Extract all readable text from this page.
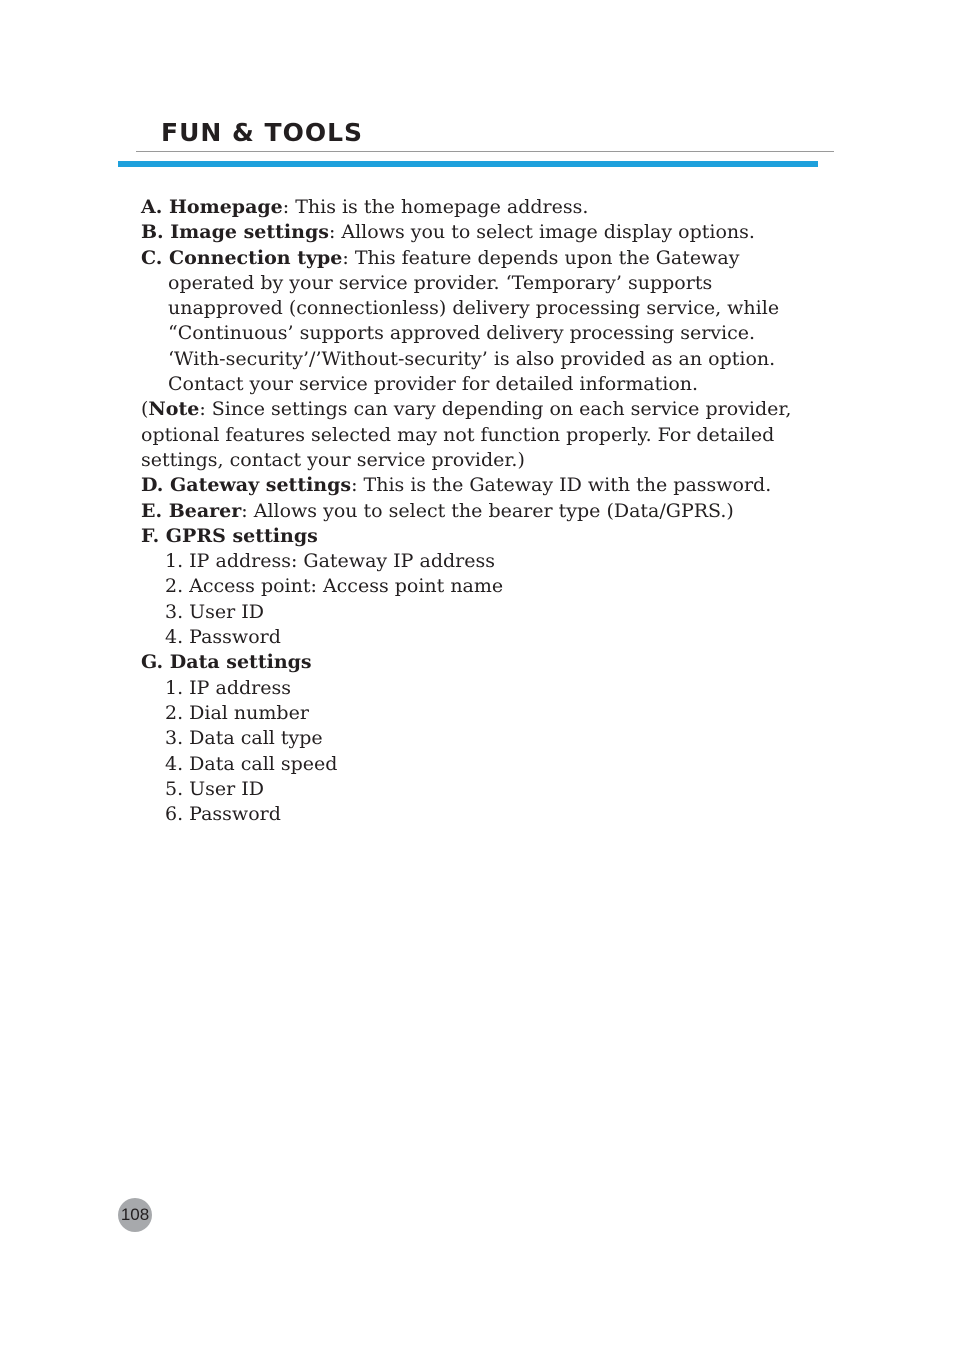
FUN & TOOLS

A. Homepage: This is the homepage address.

B. Image settings: Allows you to select image display options.

C. Connection type: This feature depends upon the Gateway operated by your service provider. ‘Temporary’ supports unapproved (connectionless) delivery processing service, while “Continuous’ supports approved delivery processing service. ‘With-security’/’Without-security’ is also provided as an option. Contact your service provider for detailed information.

(Note: Since settings can vary depending on each service provider, optional features selected may not function properly. For detailed settings, contact your service provider.)

D. Gateway settings: This is the Gateway ID with the password.

E. Bearer: Allows you to select the bearer type (Data/GPRS.)

F. GPRS settings

1. IP address: Gateway IP address

2. Access point: Access point name

3. User ID

4. Password

G. Data settings

1. IP address

2. Dial number

3. Data call type

4. Data call speed

5. User ID

6. Password

108
